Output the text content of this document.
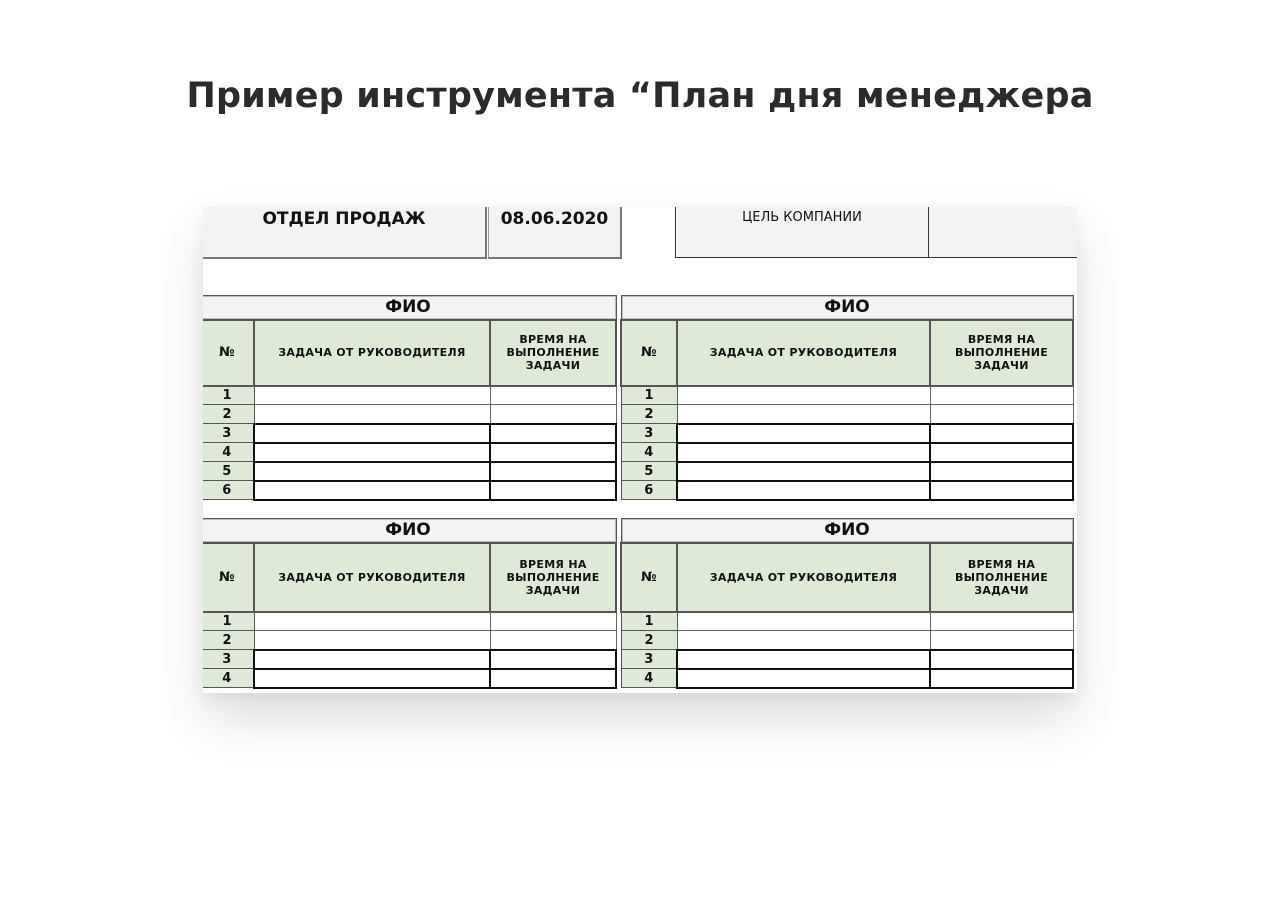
Пример инструмента “План дня менеджера
ОТДЕЛ ПРОДАЖ	08.06.2020	ЦЕЛЬ КОМПАНИИ
ФИО		
№	ЗАДАЧА ОТ РУКОВОДИТЕЛЯ	ВРЕМЯ НА ВЫПОЛНЕНИЕ ЗАДАЧИ
1		
2		
3		
4		
5		
6		
ФИО		
№	ЗАДАЧА ОТ РУКОВОДИТЕЛЯ	ВРЕМЯ НА ВЫПОЛНЕНИЕ ЗАДАЧИ
1		
2		
3		
4		
5		
6		
ФИО		
№	ЗАДАЧА ОТ РУКОВОДИТЕЛЯ	ВРЕМЯ НА ВЫПОЛНЕНИЕ ЗАДАЧИ
1		
2		
3		
4		
ФИО		
№	ЗАДАЧА ОТ РУКОВОДИТЕЛЯ	ВРЕМЯ НА ВЫПОЛНЕНИЕ ЗАДАЧИ
1		
2		
3		
4		
